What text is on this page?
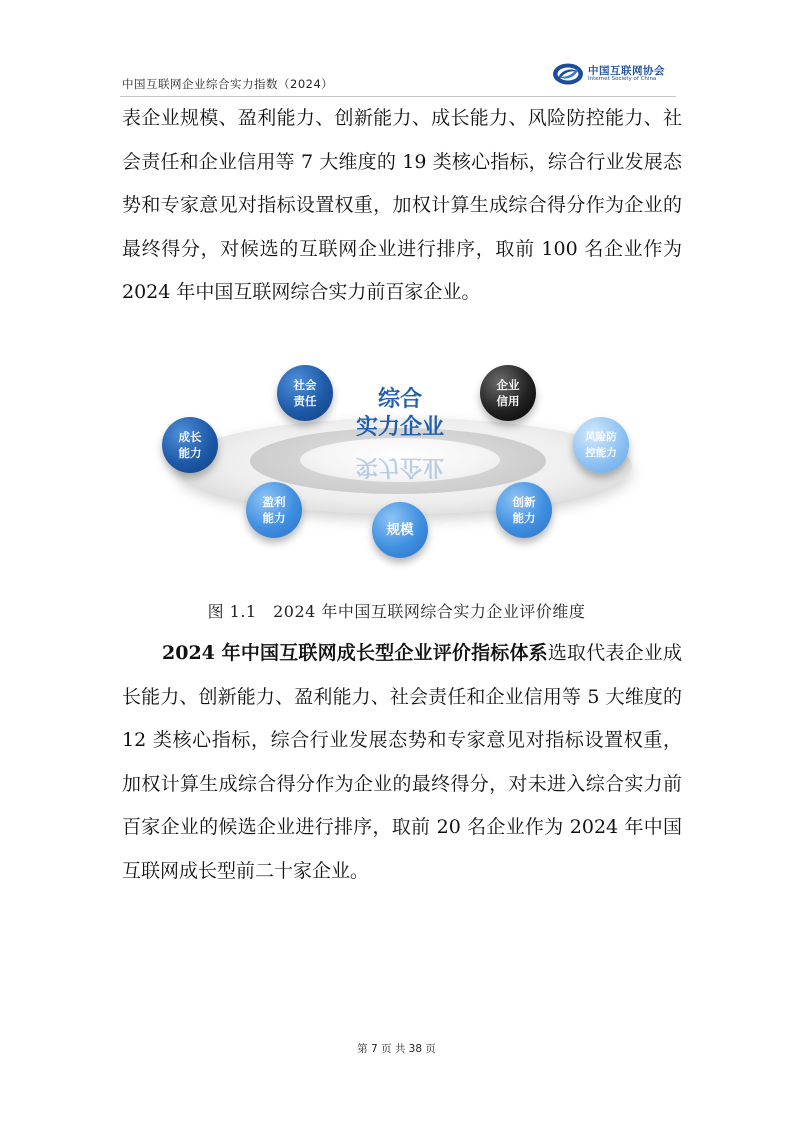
中国互联网企业综合实力指数（2024）
中国互联网协会
Internet Society of China

表企业规模、盈利能力、创新能力、成长能力、风险防控能力、社会责任和企业信用等 7 大维度的 19 类核心指标，综合行业发展态势和专家意见对指标设置权重，加权计算生成综合得分作为企业的最终得分，对候选的互联网企业进行排序，取前 100 名企业作为 2024 年中国互联网综合实力前百家企业。

综合
实力企业
实力企业
社会
责任
企业
信用
成长
能力
风险防
控能力
盈利
能力
创新
能力
规模
图 1.1　2024 年中国互联网综合实力企业评价维度

2024 年中国互联网成长型企业评价指标体系选取代表企业成长能力、创新能力、盈利能力、社会责任和企业信用等 5 大维度的 12 类核心指标，综合行业发展态势和专家意见对指标设置权重，加权计算生成综合得分作为企业的最终得分，对未进入综合实力前百家企业的候选企业进行排序，取前 20 名企业作为 2024 年中国互联网成长型前二十家企业。

第 7 页 共 38 页
